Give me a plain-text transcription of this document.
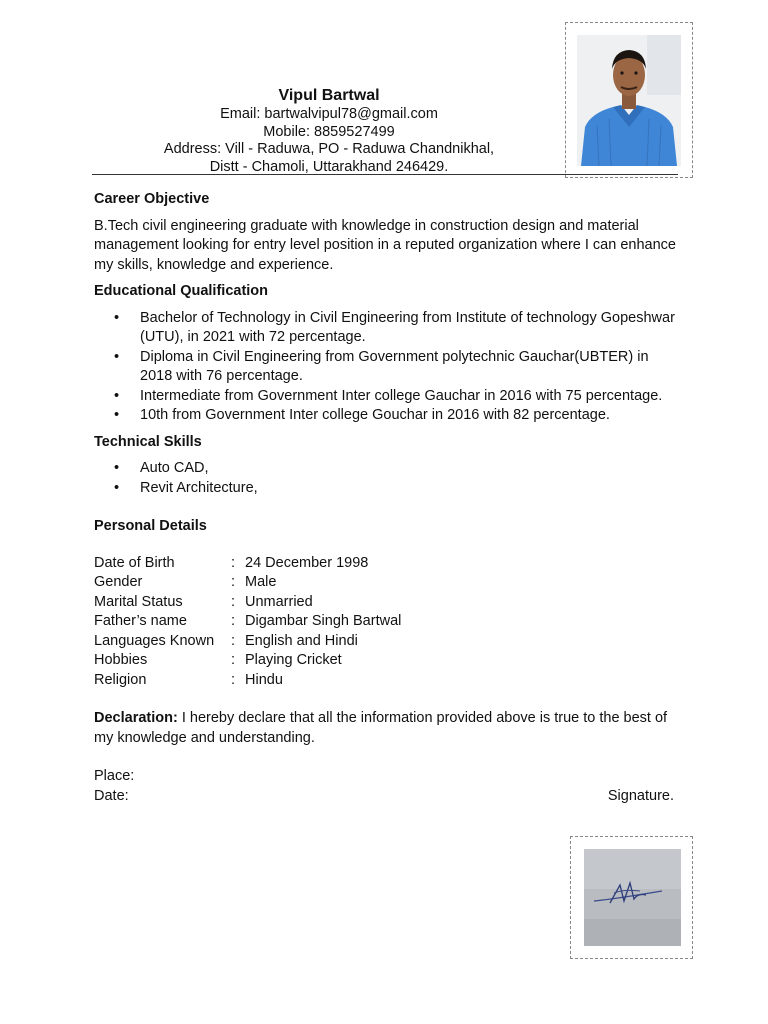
Vipul Bartwal
Email: bartwalvipul78@gmail.com
Mobile: 8859527499
Address: Vill - Raduwa, PO - Raduwa Chandnikhal,
Distt - Chamoli, Uttarakhand 246429.
Career Objective
B.Tech civil engineering graduate with knowledge in construction design and material management looking for entry level position in a reputed organization where I can enhance my skills, knowledge and experience.
Educational Qualification
• Bachelor of Technology in Civil Engineering from Institute of technology Gopeshwar (UTU), in 2021 with 72 percentage.
• Diploma in Civil Engineering from Government polytechnic Gauchar(UBTER) in 2018 with 76 percentage.
• Intermediate from Government Inter college Gauchar in 2016 with 75 percentage.
• 10th from Government Inter college Gouchar in 2016 with 82 percentage.
Technical Skills
• Auto CAD,
• Revit Architecture,
Personal Details
Date of Birth	:	24 December 1998
Gender	:	Male
Marital Status	:	Unmarried
Father’s name	:	Digambar Singh Bartwal
Languages Known	:	English and Hindi
Hobbies	:	Playing Cricket
Religion	:	Hindu
Declaration: I hereby declare that all the information provided above is true to the best of my knowledge and understanding.
Place:
Date:	Signature.
